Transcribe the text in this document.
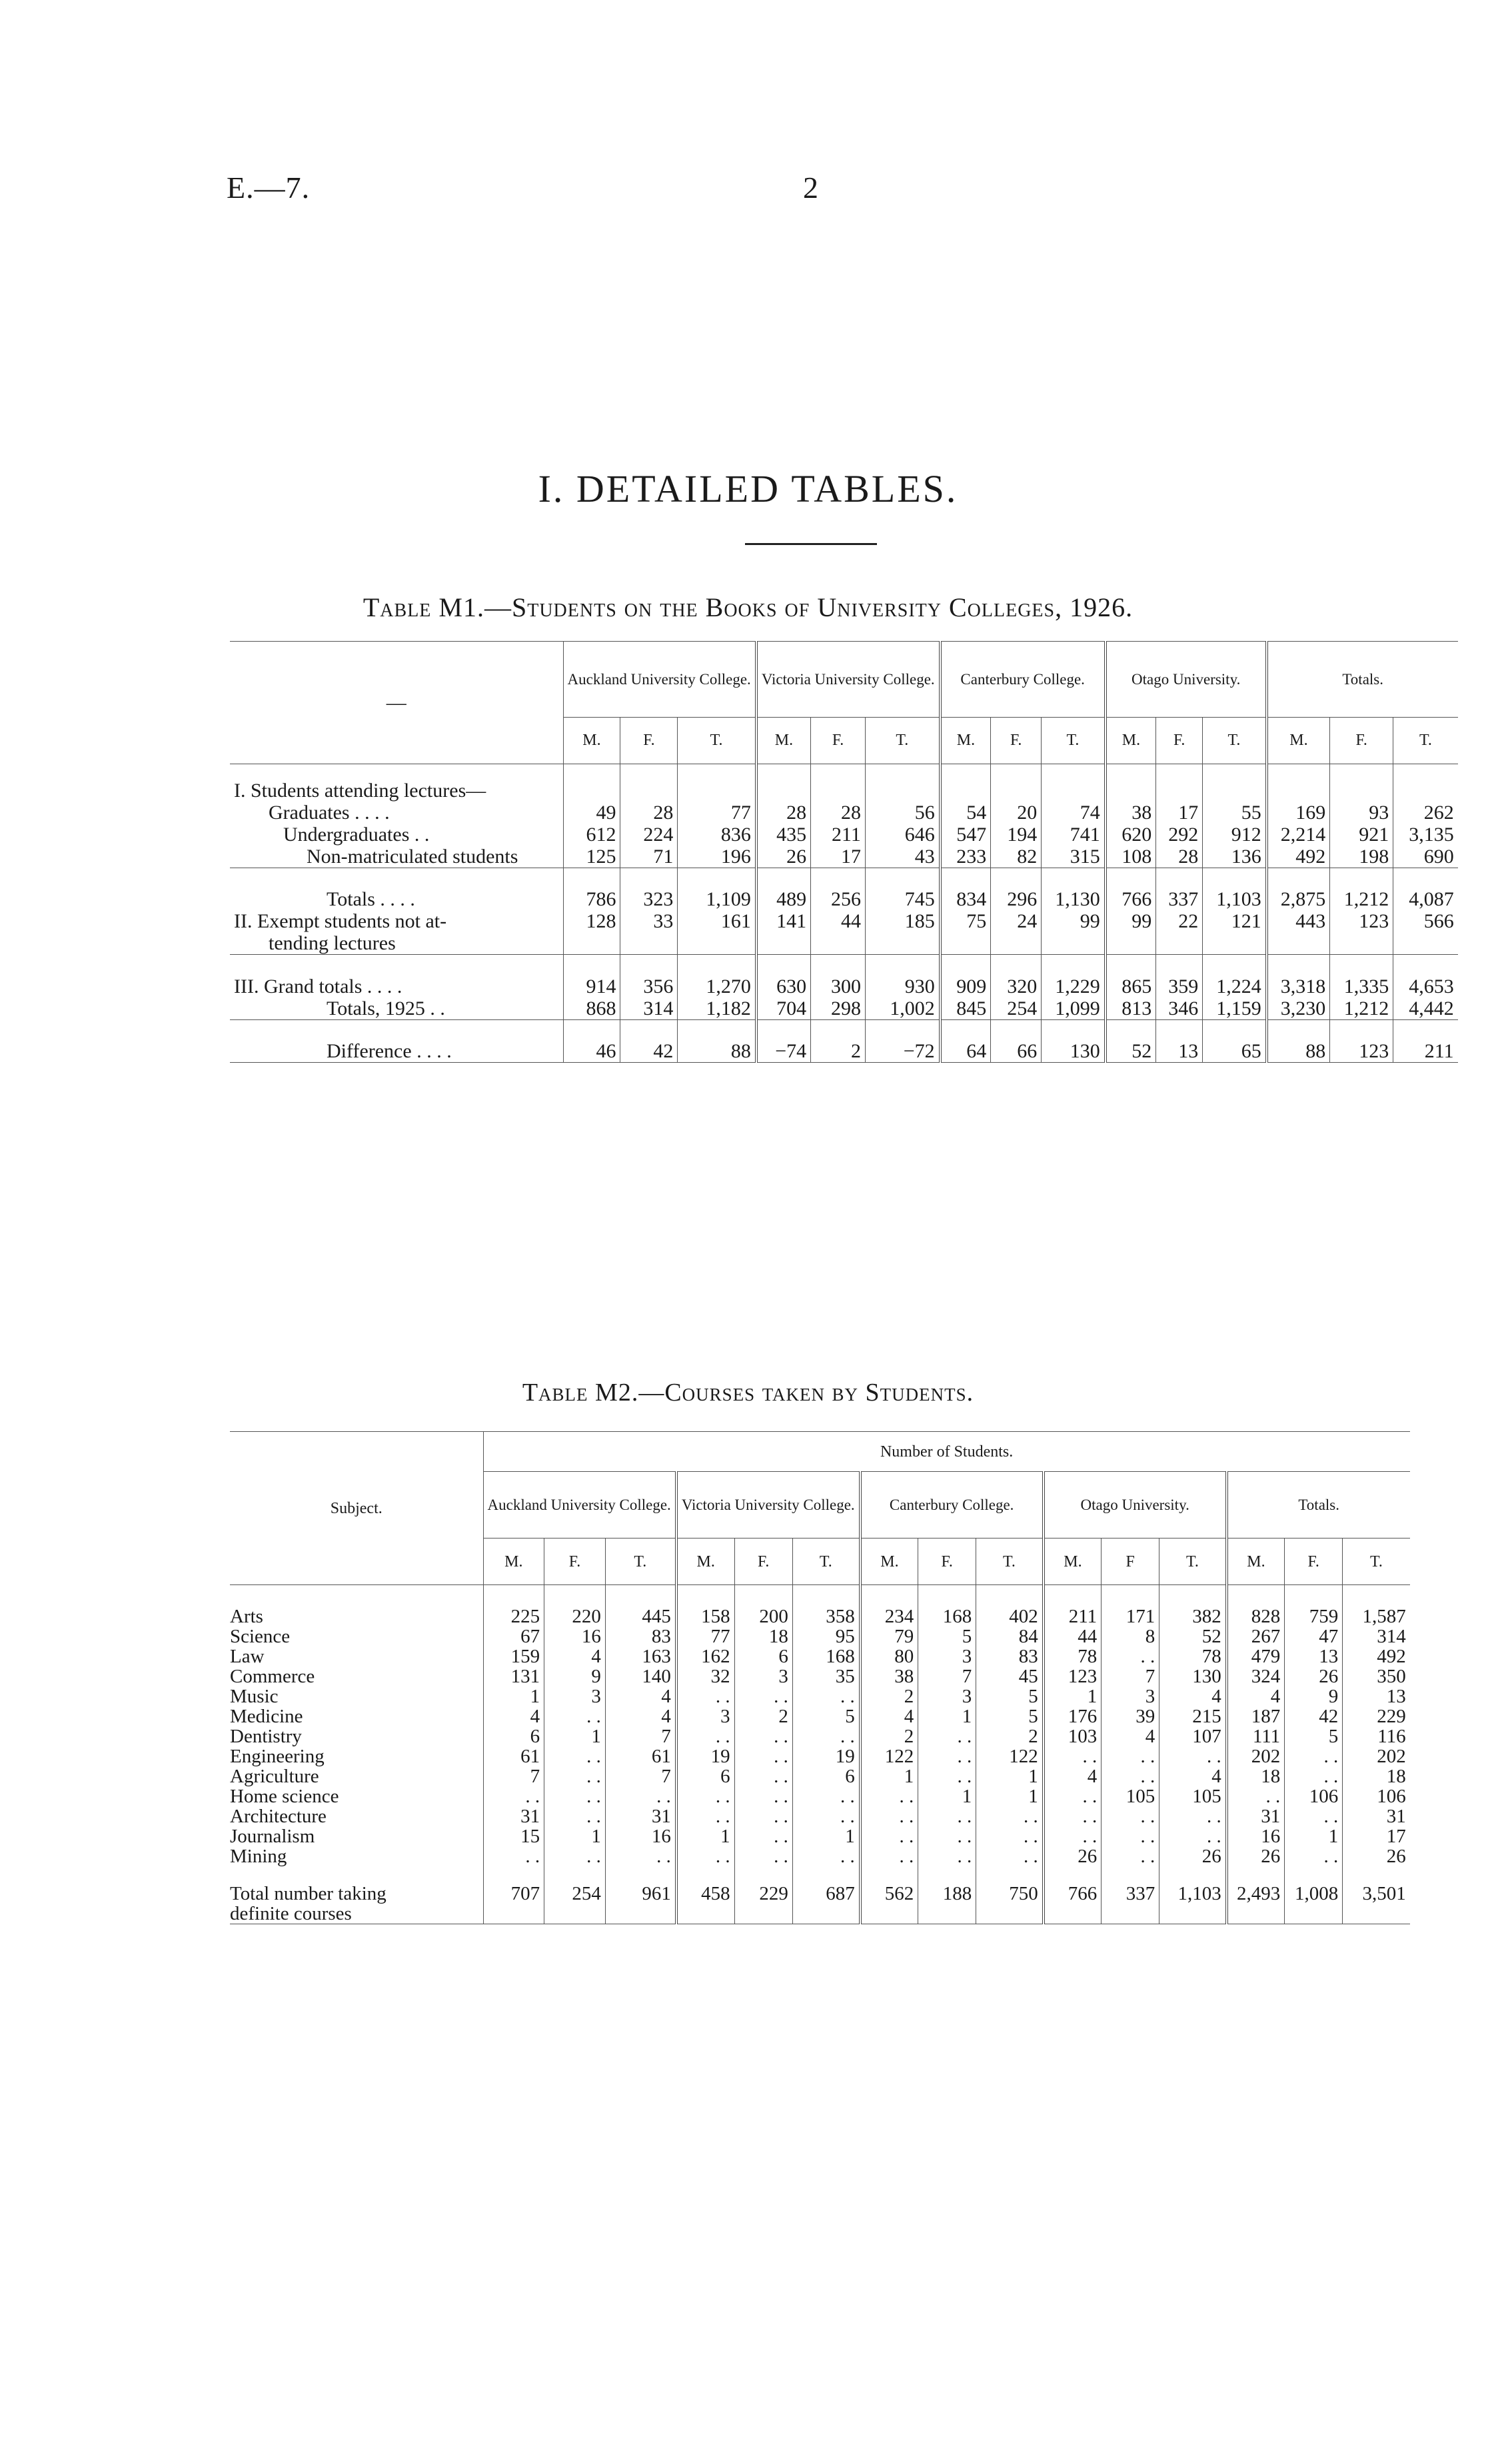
E.—7.	2
I. DETAILED TABLES.
Table M1.—Students on the Books of University Colleges, 1926.
—	Auckland University College.			Victoria University College.			Canterbury College.			Otago University.			Totals.		
	M.	F.	T.	M.	F.	T.	M.	F.	T.	M.	F.	T.	M.	F.	T.
I. Students attending lectures—															
Graduates . . . .	49	28	77	28	28	56	54	20	74	38	17	55	169	93	262
Undergraduates . .	612	224	836	435	211	646	547	194	741	620	292	912	2,214	921	3,135
Non-matriculated students	125	71	196	26	17	43	233	82	315	108	28	136	492	198	690
Totals . . . .	786	323	1,109	489	256	745	834	296	1,130	766	337	1,103	2,875	1,212	4,087
II. Exempt students not at-	128	33	161	141	44	185	75	24	99	99	22	121	443	123	566
tending lectures															
III. Grand totals . . . .	914	356	1,270	630	300	930	909	320	1,229	865	359	1,224	3,318	1,335	4,653
Totals, 1925 . .	868	314	1,182	704	298	1,002	845	254	1,099	813	346	1,159	3,230	1,212	4,442
Difference . . . .	46	42	88	−74	2	−72	64	66	130	52	13	65	88	123	211
Table M2.—Courses taken by Students.
Subject.	Number of Students.														
	Auckland University College.			Victoria University College.			Canterbury College.			Otago University.			Totals.		
	M.	F.	T.	M.	F.	T.	M.	F.	T.	M.	F	T.	M.	F.	T.
Arts	225	220	445	158	200	358	234	168	402	211	171	382	828	759	1,587
Science	67	16	83	77	18	95	79	5	84	44	8	52	267	47	314
Law	159	4	163	162	6	168	80	3	83	78	. .	78	479	13	492
Commerce	131	9	140	32	3	35	38	7	45	123	7	130	324	26	350
Music	1	3	4	. .	. .	. .	2	3	5	1	3	4	4	9	13
Medicine	4	. .	4	3	2	5	4	1	5	176	39	215	187	42	229
Dentistry	6	1	7	. .	. .	. .	2	. .	2	103	4	107	111	5	116
Engineering	61	. .	61	19	. .	19	122	. .	122	. .	. .	. .	202	. .	202
Agriculture	7	. .	7	6	. .	6	1	. .	1	4	. .	4	18	. .	18
Home science	. .	. .	. .	. .	. .	. .	. .	1	1	. .	105	105	. .	106	106
Architecture	31	. .	31	. .	. .	. .	. .	. .	. .	. .	. .	. .	31	. .	31
Journalism	15	1	16	1	. .	1	. .	. .	. .	. .	. .	. .	16	1	17
Mining	. .	. .	. .	. .	. .	. .	. .	. .	. .	26	. .	26	26	. .	26
Total number taking	707	254	961	458	229	687	562	188	750	766	337	1,103	2,493	1,008	3,501
definite courses															
